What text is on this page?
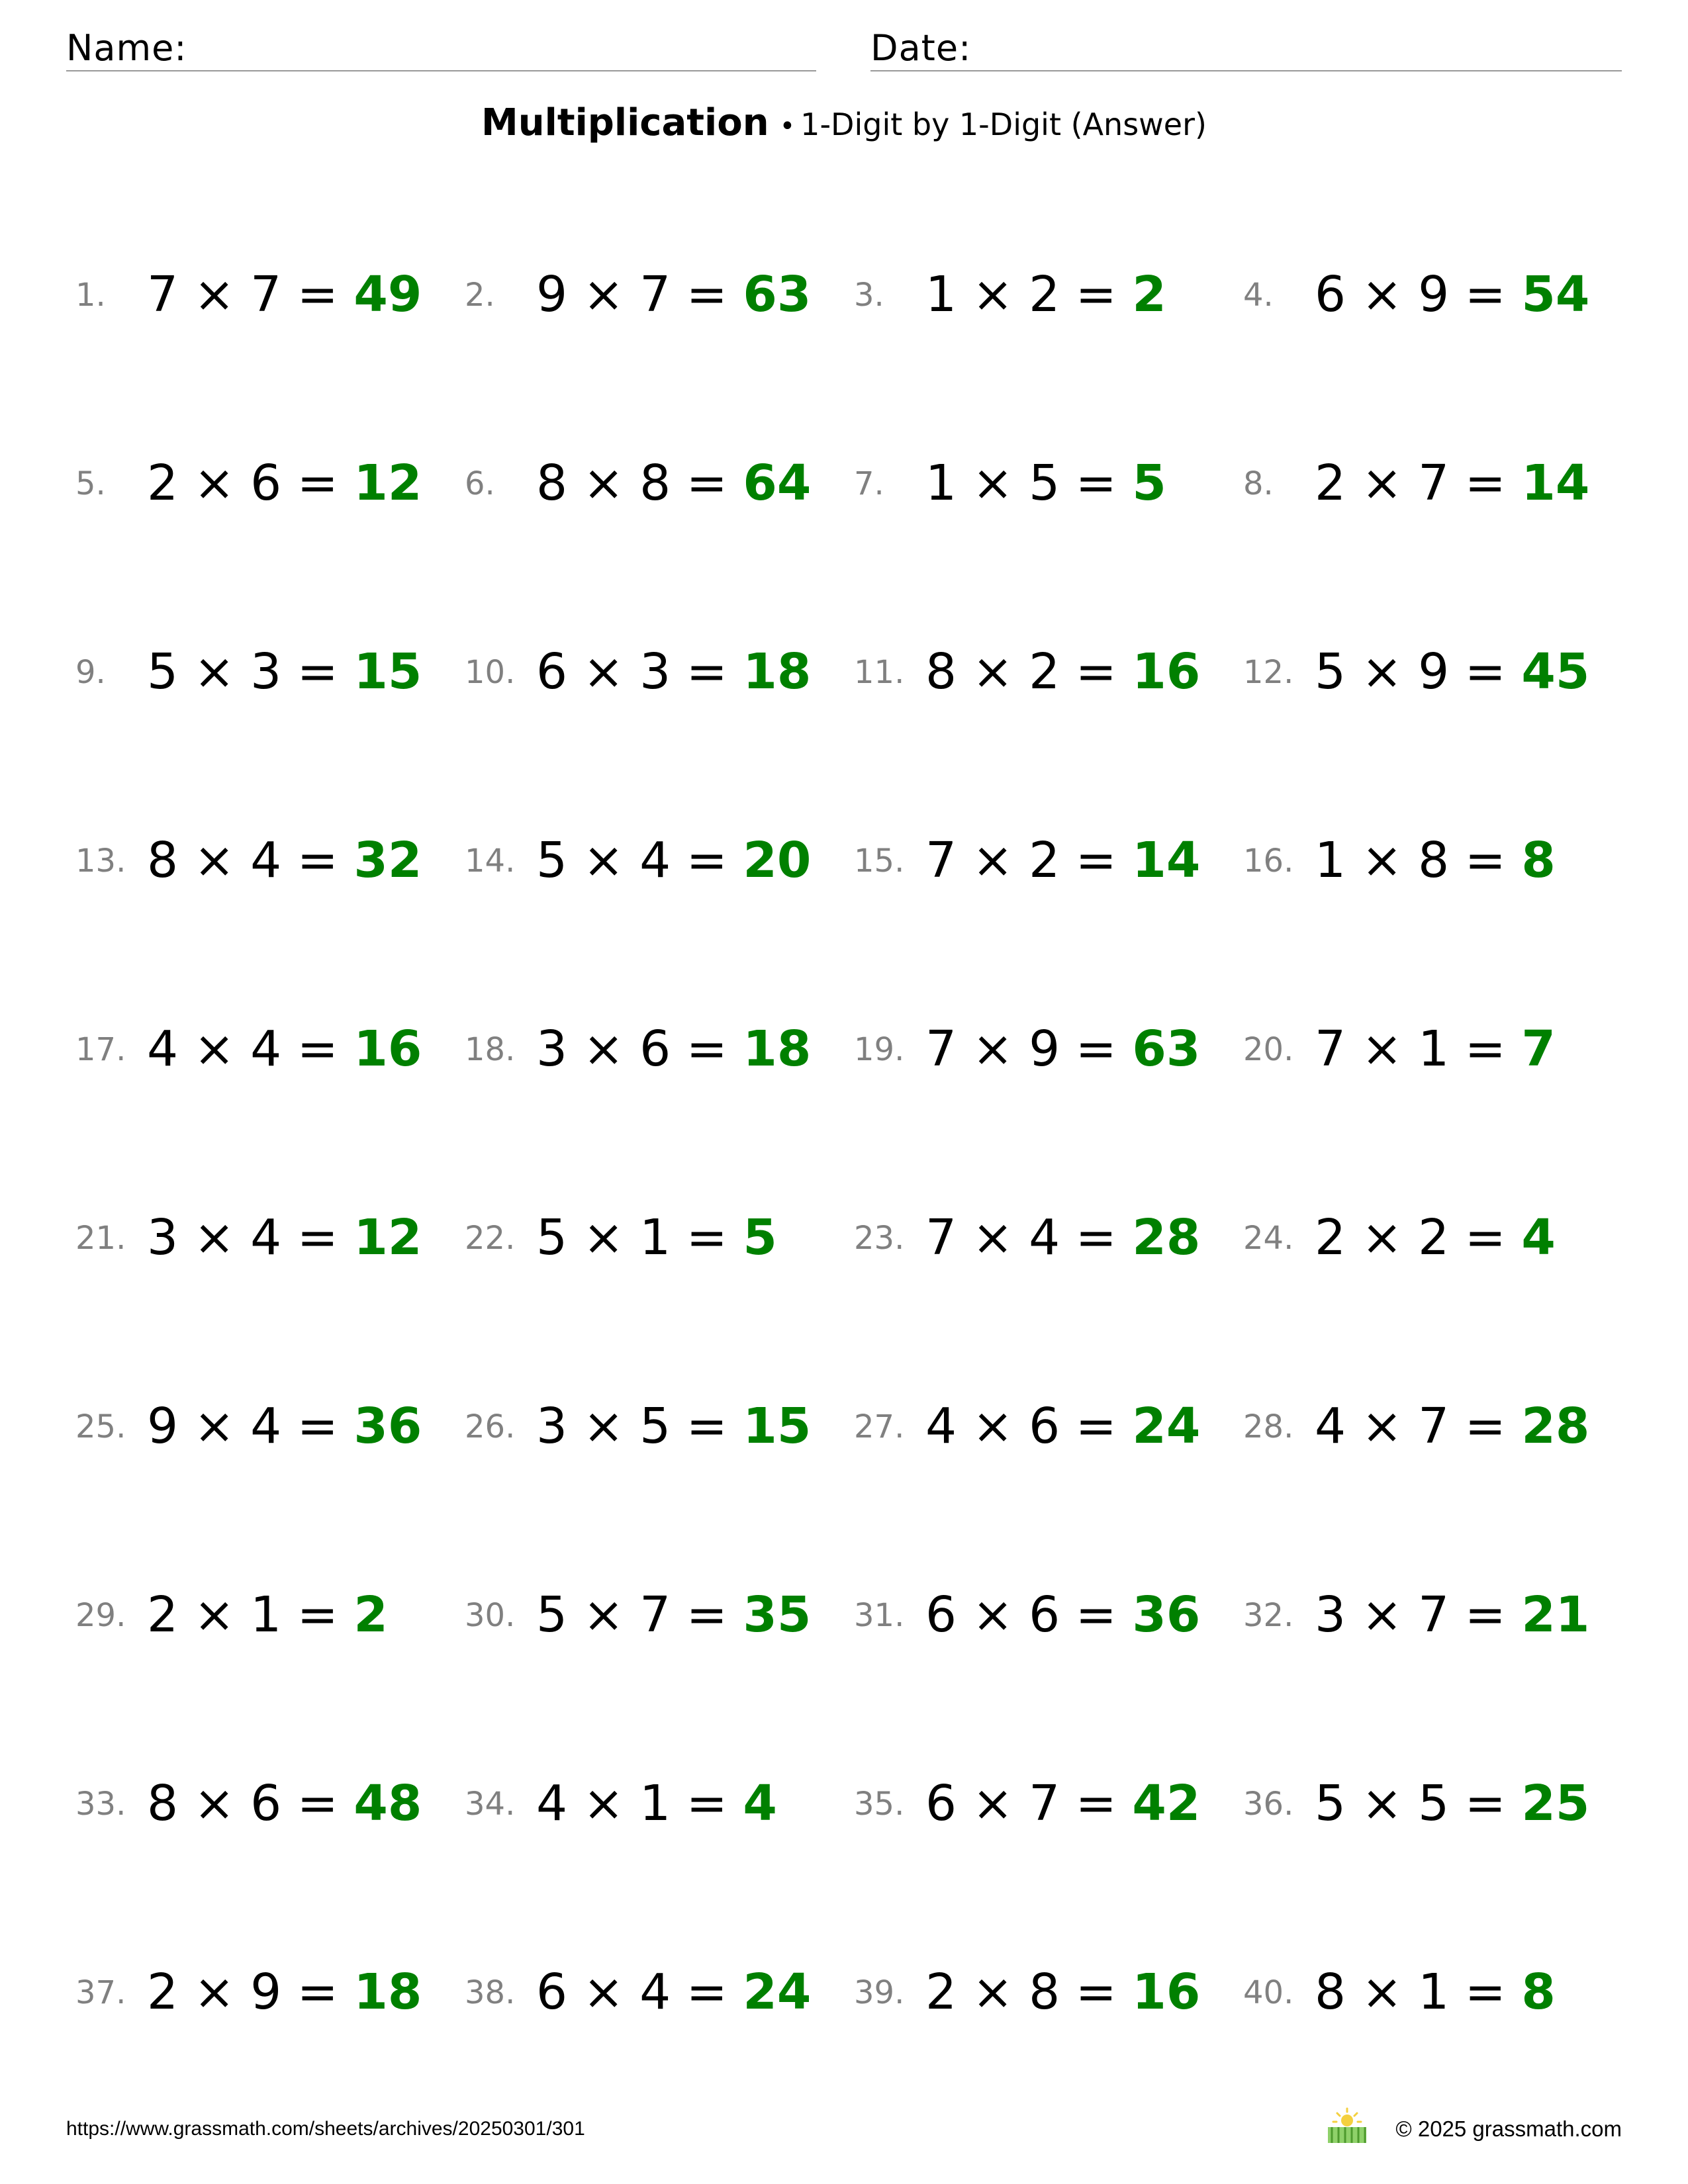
Name:	Date:
Multiplication • 1-Digit by 1-Digit (Answer)
1. 7 × 7 = 49 2. 9 × 7 = 63 3. 1 × 2 = 2 4. 6 × 9 = 54
5. 2 × 6 = 12 6. 8 × 8 = 64 7. 1 × 5 = 5 8. 2 × 7 = 14
9. 5 × 3 = 15 10. 6 × 3 = 18 11. 8 × 2 = 16 12. 5 × 9 = 45
13. 8 × 4 = 32 14. 5 × 4 = 20 15. 7 × 2 = 14 16. 1 × 8 = 8
17. 4 × 4 = 16 18. 3 × 6 = 18 19. 7 × 9 = 63 20. 7 × 1 = 7
21. 3 × 4 = 12 22. 5 × 1 = 5 23. 7 × 4 = 28 24. 2 × 2 = 4
25. 9 × 4 = 36 26. 3 × 5 = 15 27. 4 × 6 = 24 28. 4 × 7 = 28
29. 2 × 1 = 2 30. 5 × 7 = 35 31. 6 × 6 = 36 32. 3 × 7 = 21
33. 8 × 6 = 48 34. 4 × 1 = 4 35. 6 × 7 = 42 36. 5 × 5 = 25
37. 2 × 9 = 18 38. 6 × 4 = 24 39. 2 × 8 = 16 40. 8 × 1 = 8
https://www.grassmath.com/sheets/archives/20250301/301	© 2025 grassmath.com
